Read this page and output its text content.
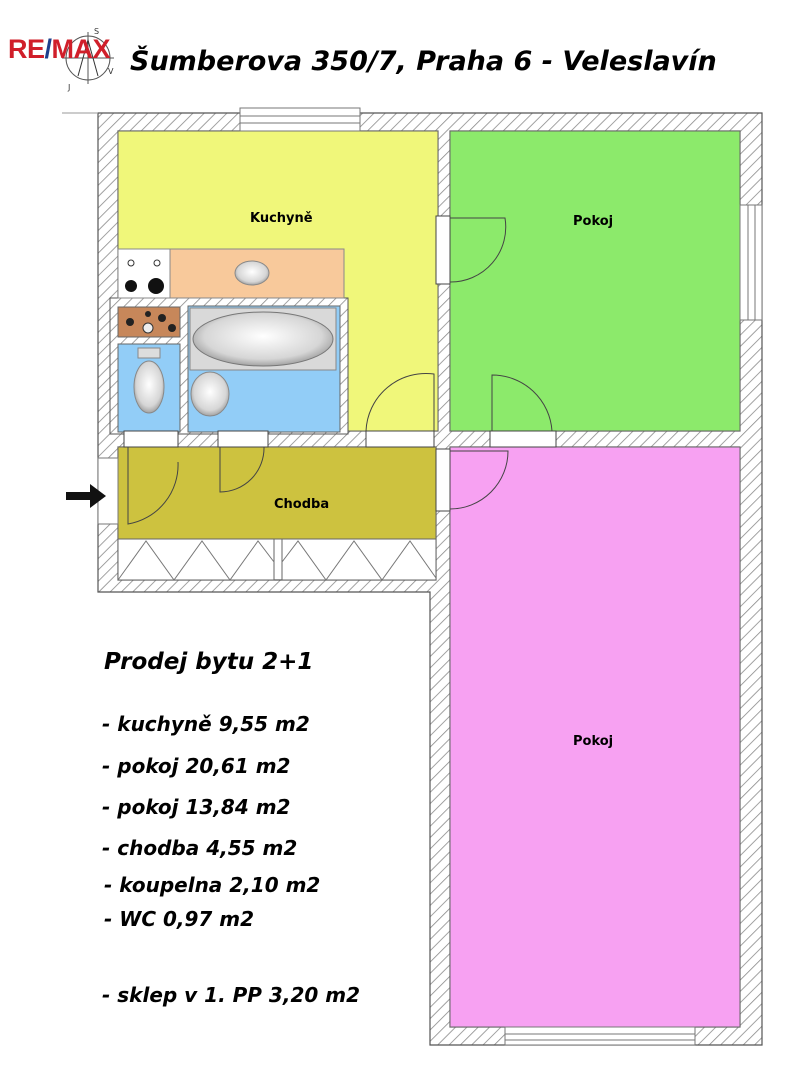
S
J
V
RE/MAX Šumberova 350/7, Praha 6 - Veleslavín
Kuchyně	Pokoj
Chodba
Pokoj
Prodej bytu 2+1
- kuchyně 9,55 m2
- pokoj 20,61 m2
- pokoj 13,84 m2
- chodba 4,55 m2
- koupelna 2,10 m2
- WC 0,97 m2
- sklep v 1. PP 3,20 m2
